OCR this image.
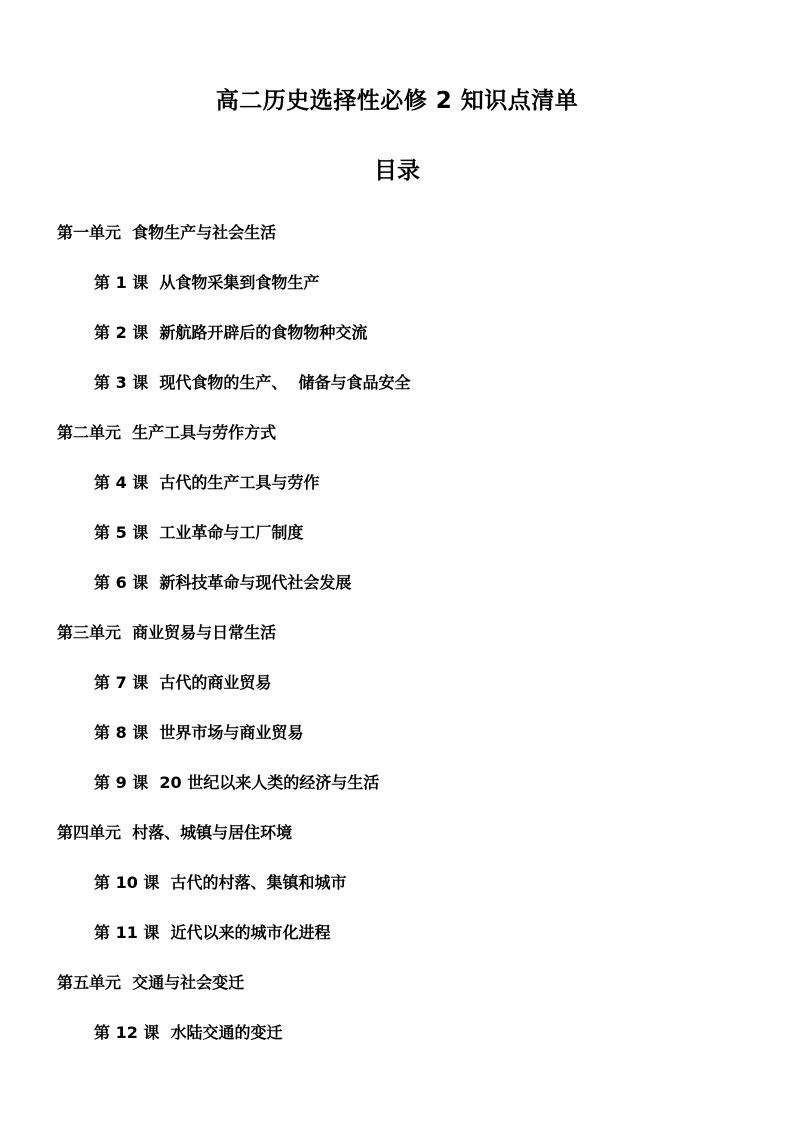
高二历史选择性必修 2 知识点清单
目录
第一单元  食物生产与社会生活
第 1 课  从食物采集到食物生产
第 2 课  新航路开辟后的食物物种交流
第 3 课  现代食物的生产、  储备与食品安全
第二单元  生产工具与劳作方式
第 4 课  古代的生产工具与劳作
第 5 课  工业革命与工厂制度
第 6 课  新科技革命与现代社会发展
第三单元  商业贸易与日常生活
第 7 课  古代的商业贸易
第 8 课  世界市场与商业贸易
第 9 课  20 世纪以来人类的经济与生活
第四单元  村落、城镇与居住环境
第 10 课  古代的村落、集镇和城市
第 11 课  近代以来的城市化进程
第五单元  交通与社会变迁
第 12 课  水陆交通的变迁
